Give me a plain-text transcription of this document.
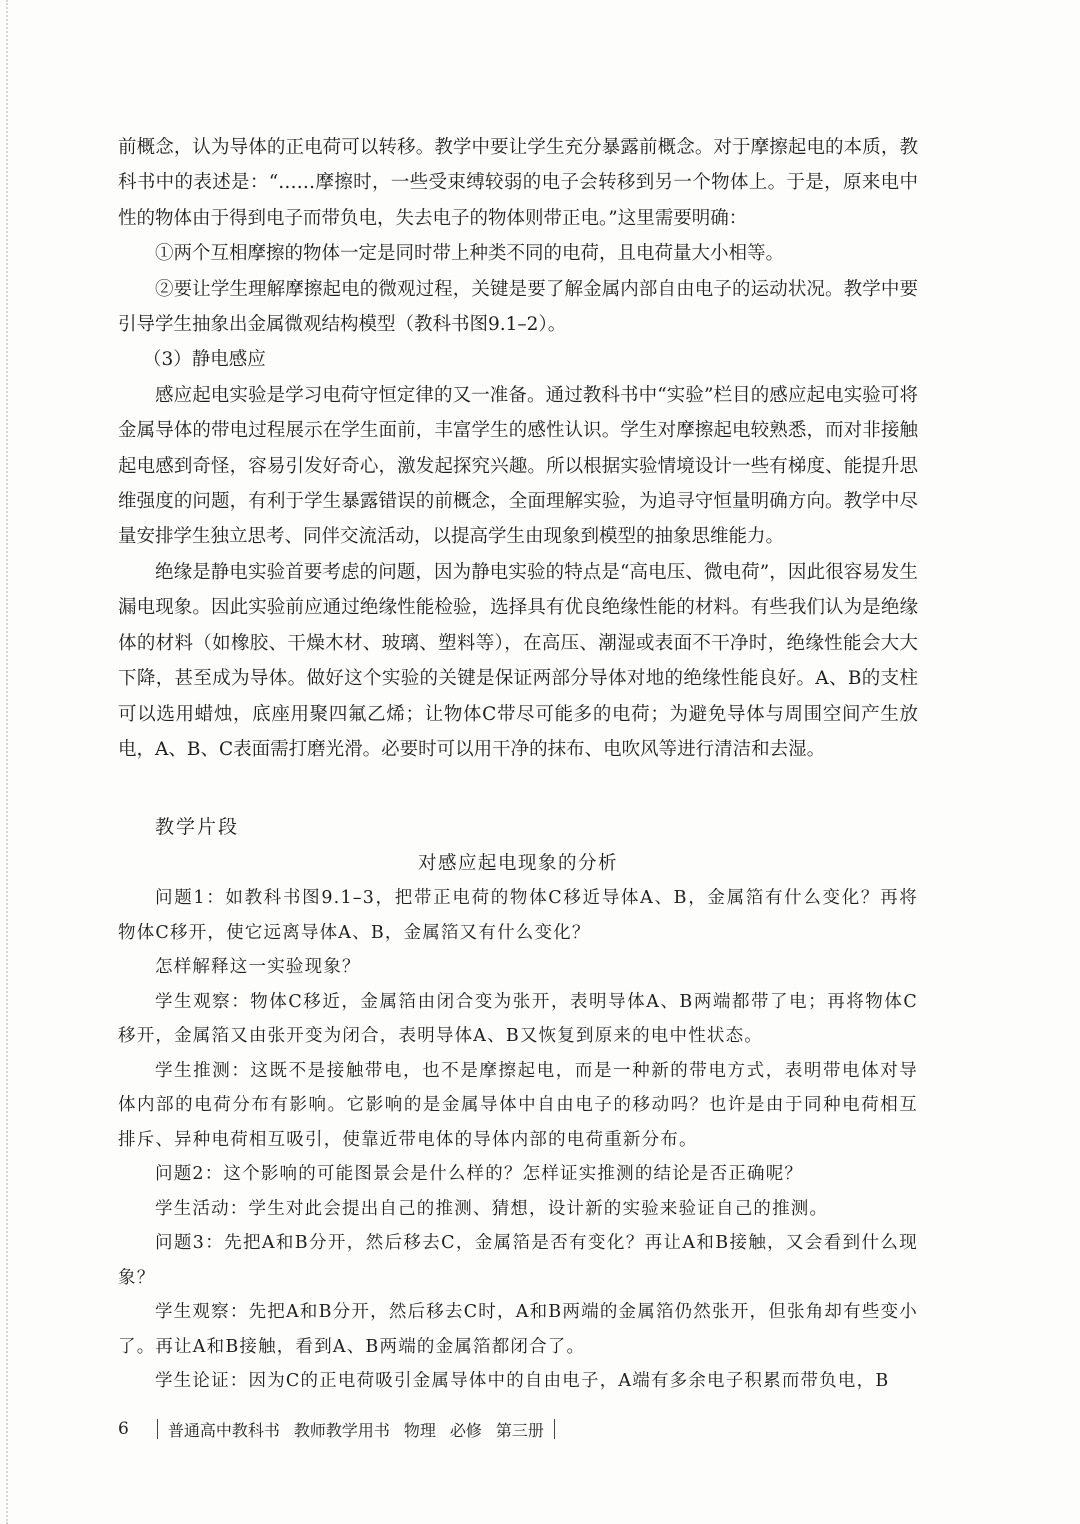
前概念，认为导体的正电荷可以转移。教学中要让学生充分暴露前概念。对于摩擦起电的本质，教科书中的表述是：“……摩擦时，一些受束缚较弱的电子会转移到另一个物体上。于是，原来电中性的物体由于得到电子而带负电，失去电子的物体则带正电。”这里需要明确：

①两个互相摩擦的物体一定是同时带上种类不同的电荷，且电荷量大小相等。

②要让学生理解摩擦起电的微观过程，关键是要了解金属内部自由电子的运动状况。教学中要引导学生抽象出金属微观结构模型（教科书图9.1–2）。

（3）静电感应

感应起电实验是学习电荷守恒定律的又一准备。通过教科书中“实验”栏目的感应起电实验可将金属导体的带电过程展示在学生面前，丰富学生的感性认识。学生对摩擦起电较熟悉，而对非接触起电感到奇怪，容易引发好奇心，激发起探究兴趣。所以根据实验情境设计一些有梯度、能提升思维强度的问题，有利于学生暴露错误的前概念，全面理解实验，为追寻守恒量明确方向。教学中尽量安排学生独立思考、同伴交流活动，以提高学生由现象到模型的抽象思维能力。

绝缘是静电实验首要考虑的问题，因为静电实验的特点是“高电压、微电荷”，因此很容易发生漏电现象。因此实验前应通过绝缘性能检验，选择具有优良绝缘性能的材料。有些我们认为是绝缘体的材料（如橡胶、干燥木材、玻璃、塑料等），在高压、潮湿或表面不干净时，绝缘性能会大大下降，甚至成为导体。做好这个实验的关键是保证两部分导体对地的绝缘性能良好。A、B的支柱可以选用蜡烛，底座用聚四氟乙烯；让物体C带尽可能多的电荷；为避免导体与周围空间产生放电，A、B、C表面需打磨光滑。必要时可以用干净的抹布、电吹风等进行清洁和去湿。

教学片段

对感应起电现象的分析

问题1：如教科书图9.1–3，把带正电荷的物体C移近导体A、B，金属箔有什么变化？再将物体C移开，使它远离导体A、B，金属箔又有什么变化？

怎样解释这一实验现象？

学生观察：物体C移近，金属箔由闭合变为张开，表明导体A、B两端都带了电；再将物体C移开，金属箔又由张开变为闭合，表明导体A、B又恢复到原来的电中性状态。

学生推测：这既不是接触带电，也不是摩擦起电，而是一种新的带电方式，表明带电体对导体内部的电荷分布有影响。它影响的是金属导体中自由电子的移动吗？也许是由于同种电荷相互排斥、异种电荷相互吸引，使靠近带电体的导体内部的电荷重新分布。

问题2：这个影响的可能图景会是什么样的？怎样证实推测的结论是否正确呢？

学生活动：学生对此会提出自己的推测、猜想，设计新的实验来验证自己的推测。

问题3：先把A和B分开，然后移去C，金属箔是否有变化？再让A和B接触，又会看到什么现象？

学生观察：先把A和B分开，然后移去C时，A和B两端的金属箔仍然张开，但张角却有些变小了。再让A和B接触，看到A、B两端的金属箔都闭合了。

学生论证：因为C的正电荷吸引金属导体中的自由电子，A端有多余电子积累而带负电，B

6 普通高中教科书 教师教学用书 物理 必修 第三册
